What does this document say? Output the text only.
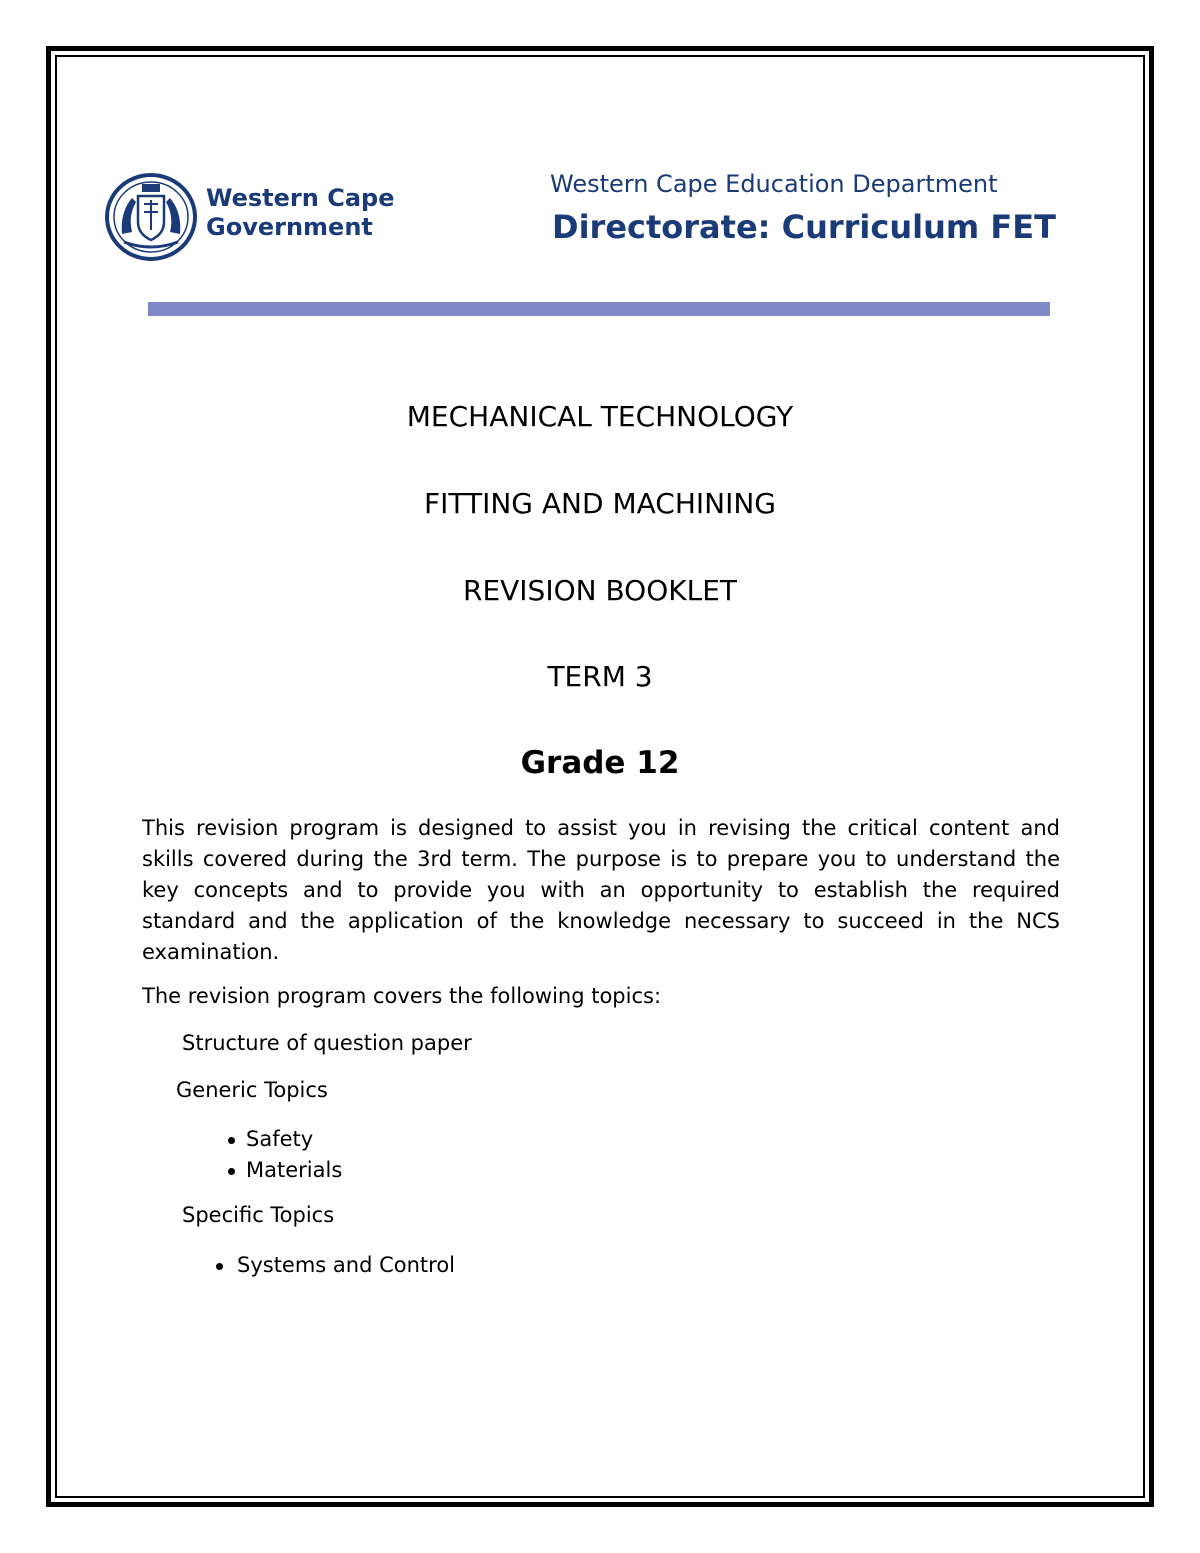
Western Cape
Government
Western Cape Education Department
Directorate: Curriculum FET
MECHANICAL TECHNOLOGY
FITTING AND MACHINING
REVISION BOOKLET
TERM 3
Grade 12

This revision program is designed to assist you in revising the critical content and skills covered during the 3rd term. The purpose is to prepare you to understand the key concepts and to provide you with an opportunity to establish the required standard and the application of the knowledge necessary to succeed in the NCS examination.

The revision program covers the following topics:

Structure of question paper

Generic Topics

Safety
Materials

Specific Topics

Systems and Control
